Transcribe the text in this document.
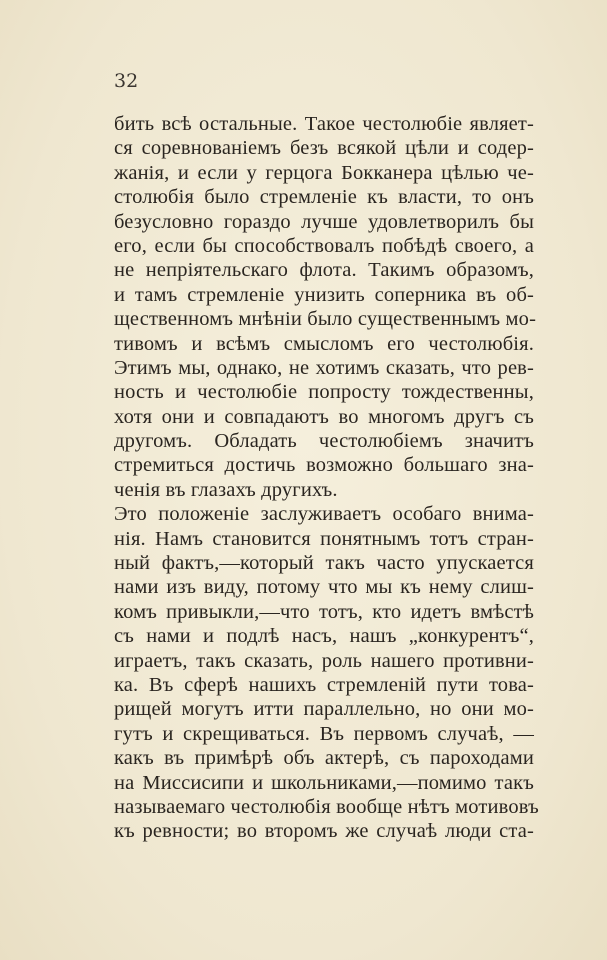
32
бить всѣ остальные. Такое честолюбіе являет-
ся соревнованіемъ безъ всякой цѣли и содер-
жанія, и если у герцога Бокканера цѣлью че-
столюбія было стремленіе къ власти, то онъ
безусловно гораздо лучше удовлетворилъ бы
его, если бы способствовалъ побѣдѣ своего, а
не непріятельскаго флота. Такимъ образомъ,
и тамъ стремленіе унизить соперника въ об-
щественномъ мнѣніи было существеннымъ мо-
тивомъ и всѣмъ смысломъ его честолюбія.
Этимъ мы, однако, не хотимъ сказать, что рев-
ность и честолюбіе попросту тождественны,
хотя они и совпадаютъ во многомъ другъ съ
другомъ. Обладать честолюбіемъ значитъ
стремиться достичь возможно большаго зна-
ченія въ глазахъ другихъ.
Это положеніе заслуживаетъ особаго внима-
нія. Намъ становится понятнымъ тотъ стран-
ный фактъ,—который такъ часто упускается
нами изъ виду, потому что мы къ нему слиш-
комъ привыкли,—что тотъ, кто идетъ вмѣстѣ
съ нами и подлѣ насъ, нашъ „конкурентъ“,
играетъ, такъ сказать, роль нашего противни-
ка. Въ сферѣ нашихъ стремленій пути това-
рищей могутъ итти параллельно, но они мо-
гутъ и скрещиваться. Въ первомъ случаѣ, —
какъ въ примѣрѣ объ актерѣ, съ пароходами
на Миссисипи и школьниками,—помимо такъ
называемаго честолюбія вообще нѣтъ мотивовъ
къ ревности; во второмъ же случаѣ люди ста-
